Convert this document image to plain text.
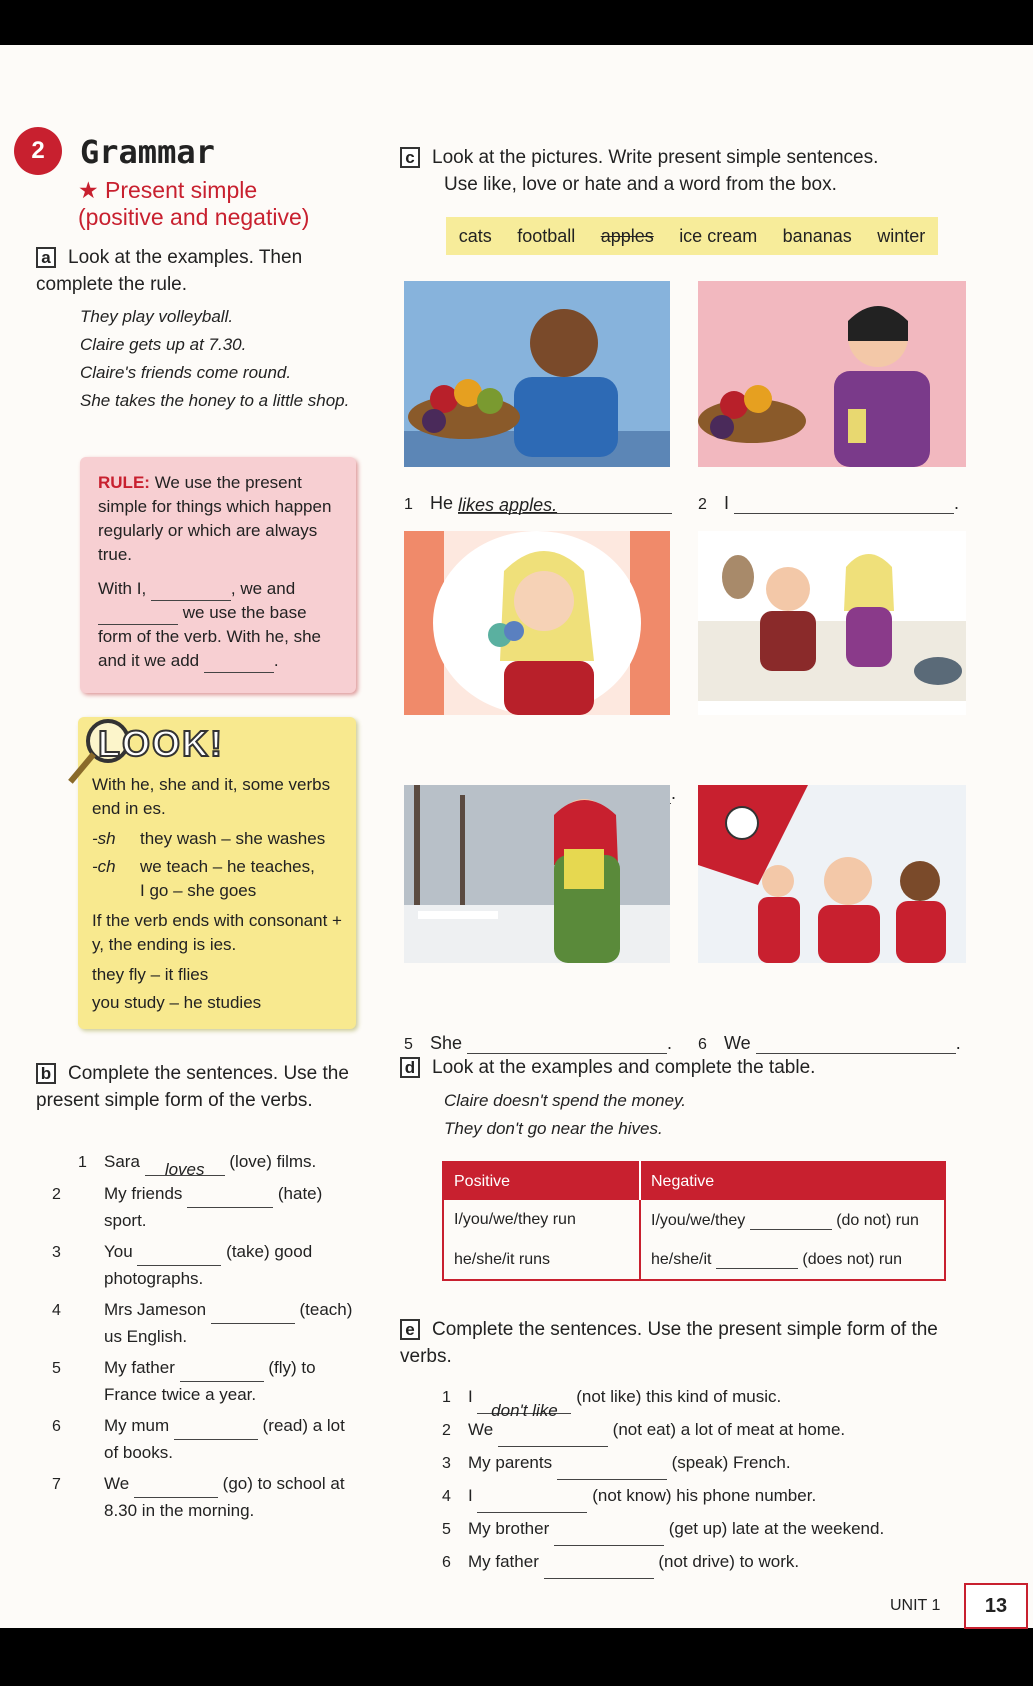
2	Grammar
★ Present simple (positive and negative)
a Look at the examples. Then complete the rule.
They play volleyball.
Claire gets up at 7.30.
Claire's friends come round.
She takes the honey to a little shop.
RULE: We use the present simple for things which happen regularly or which are always true.
With I,	, we and  we use the base form of the verb. With he, she and it we add	.
LOOK!
With he, she and it, some verbs end in es.
-sh they wash – she washes
-ch we teach – he teaches,
I go – she goes
If the verb ends with consonant + y, the ending is ies.
they fly – it flies
you study – he studies
b Complete the sentences. Use the present simple form of the verbs.
1 Sara loves (love) films.
2	My friends	(hate) sport.
3	You	(take) good photographs.
4	Mrs Jameson	(teach) us English.
5	My father	(fly) to France twice a year.
6	My mum	(read) a lot of books.
7	We	(go) to school at 8.30 in the morning.
c Look at the pictures. Write present simple sentences.
Use like, love or hate and a word from the box.
cats football apples ice cream bananas winter
1 He likes apples.	2 I	.
.

5 She	. 6 We	.
d Look at the examples and complete the table.
Claire doesn't spend the money.
They don't go near the hives.
Positive	Negative
I/you/we/they run	I/you/we/they (do not) run
he/she/it runs	he/she/it (does not) run
e Complete the sentences. Use the present simple form of the verbs.
1 I don't like (not like) this kind of music.
2 We	(not eat) a lot of meat at home.
3 My parents	(speak) French.
4 I	(not know) his phone number.
5 My brother	(get up) late at the weekend.
6 My father	(not drive) to work.
UNIT 1	13
